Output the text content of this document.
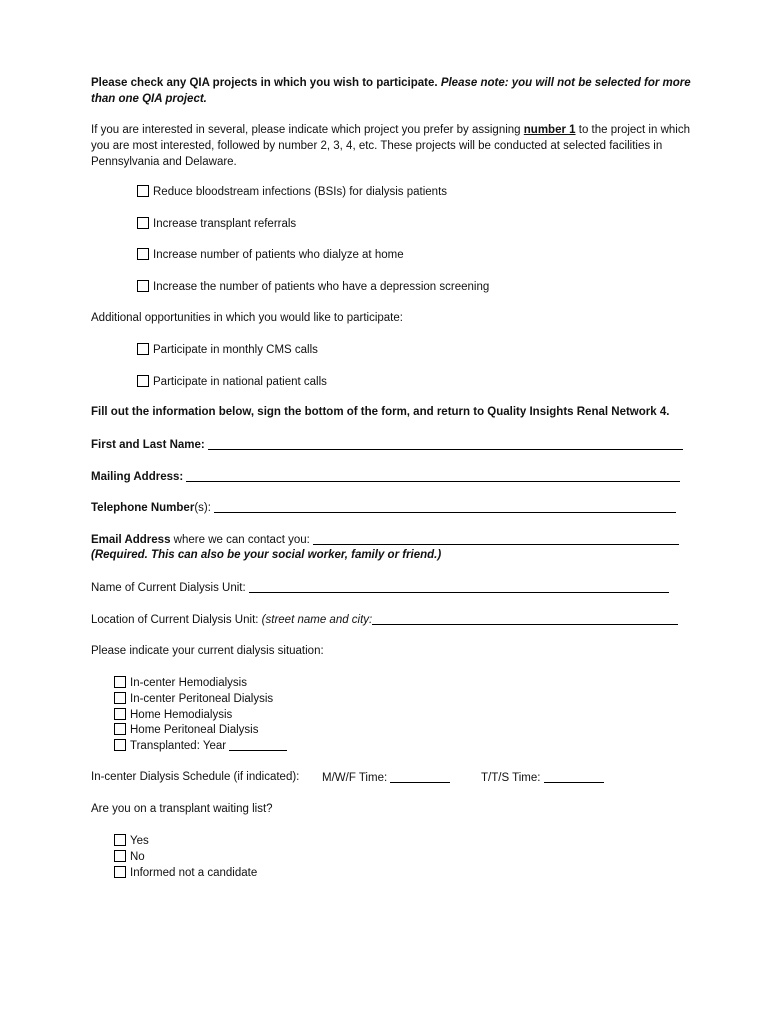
Please check any QIA projects in which you wish to participate. Please note: you will not be selected for more than one QIA project.
If you are interested in several, please indicate which project you prefer by assigning number 1 to the project in which you are most interested, followed by number 2, 3, 4, etc. These projects will be conducted at selected facilities in Pennsylvania and Delaware.
Reduce bloodstream infections (BSIs) for dialysis patients
Increase transplant referrals
Increase number of patients who dialyze at home
Increase the number of patients who have a depression screening
Additional opportunities in which you would like to participate:
Participate in monthly CMS calls
Participate in national patient calls
Fill out the information below, sign the bottom of the form, and return to Quality Insights Renal Network 4.
First and Last Name:
Mailing Address:
Telephone Number(s):
Email Address where we can contact you:
(Required. This can also be your social worker, family or friend.)
Name of Current Dialysis Unit:
Location of Current Dialysis Unit: (street name and city:
Please indicate your current dialysis situation:
In-center Hemodialysis
In-center Peritoneal Dialysis
Home Hemodialysis
Home Peritoneal Dialysis
Transplanted: Year
In-center Dialysis Schedule (if indicated): M/W/F Time:	T/T/S Time:
Are you on a transplant waiting list?
Yes
No
Informed not a candidate
